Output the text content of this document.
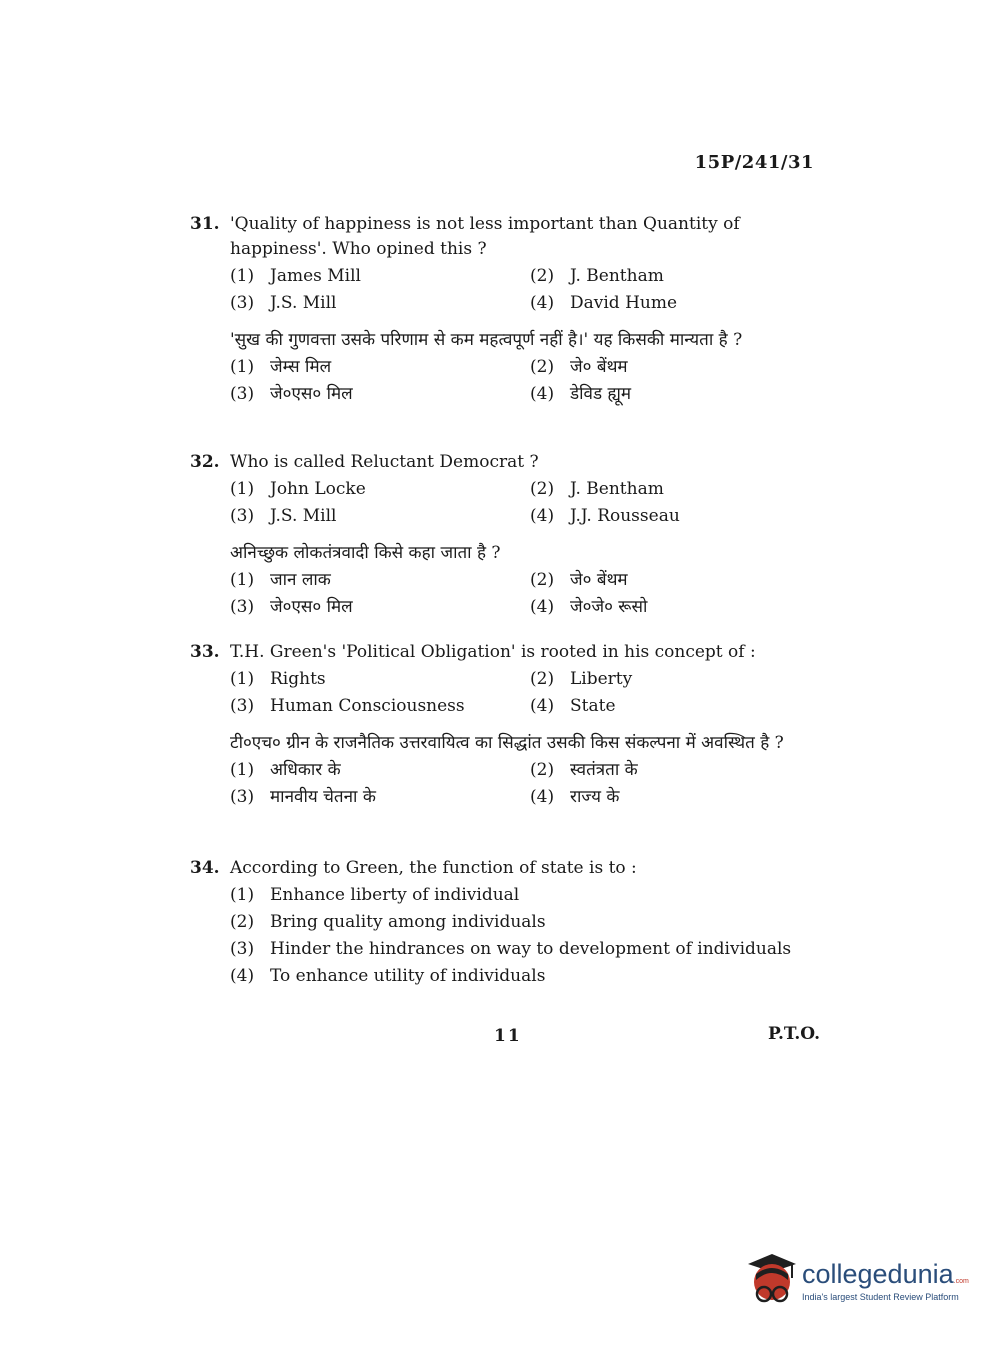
15P/241/31
31. 'Quality of happiness is not less important than Quantity of happiness'. Who opined this ?
(1) James Mill	(2) J. Bentham
(3) J.S. Mill	(4) David Hume
'सुख की गुणवत्ता उसके परिणाम से कम महत्वपूर्ण नहीं है।' यह किसकी मान्यता है ?
(1) जेम्स मिल	(2) जे० बेंथम
(3) जे०एस० मिल	(4) डेविड ह्यूम
32. Who is called Reluctant Democrat ?
(1) John Locke	(2) J. Bentham
(3) J.S. Mill	(4) J.J. Rousseau
अनिच्छुक लोकतंत्रवादी किसे कहा जाता है ?
(1) जान लाक	(2) जे० बेंथम
(3) जे०एस० मिल	(4) जे०जे० रूसो
33. T.H. Green's 'Political Obligation' is rooted in his concept of :
(1) Rights	(2) Liberty
(3) Human Consciousness	(4) State
टी०एच० ग्रीन के राजनैतिक उत्तरवायित्व का सिद्धांत उसकी किस संकल्पना में अवस्थित है ?
(1) अधिकार के	(2) स्वतंत्रता के
(3) मानवीय चेतना के	(4) राज्य के
34. According to Green, the function of state is to :
(1) Enhance liberty of individual
(2) Bring quality among individuals
(3) Hinder the hindrances on way to development of individuals
(4) To enhance utility of individuals
11	P.T.O.
collegedunia.com
India's largest Student Review Platform
